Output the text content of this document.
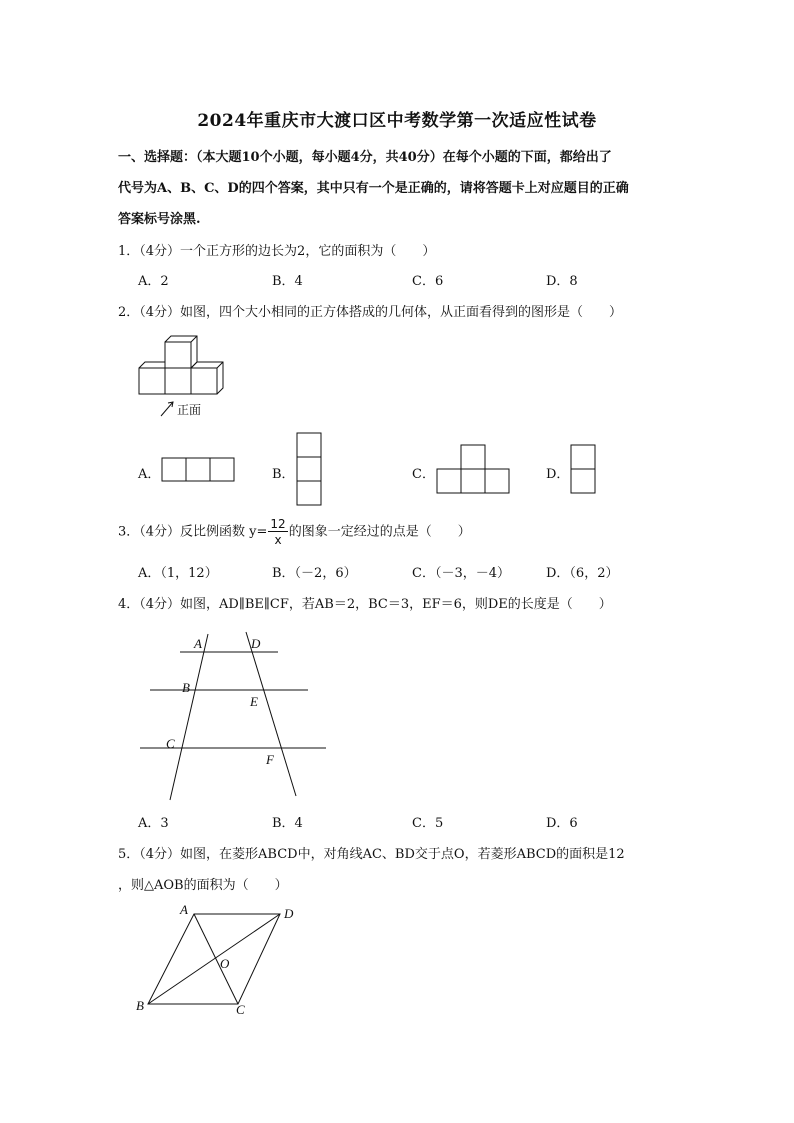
2024年重庆市大渡口区中考数学第一次适应性试卷
一、选择题：（本大题10个小题，每小题4分，共40分）在每个小题的下面，都给出了
代号为A、B、C、D的四个答案，其中只有一个是正确的，请将答题卡上对应题目的正确
答案标号涂黑.
1．（4分）一个正方形的边长为2，它的面积为（　　）
A．2	B．4	C．6	D．8
2．（4分）如图，四个大小相同的正方体搭成的几何体，从正面看得到的图形是（　　）
正面
A．	B．	C．	D．
3．（4分）反比例函数 $y= \frac{12}{x}$ 的图象一定经过的点是（　　）
A．（1，12）	B．（－2，6）	C．（－3，－4）	D．（6，2）
4．（4分）如图，AD∥BE∥CF，若AB＝2，BC＝3，EF＝6，则DE的长度是（　　）
A	D
B
E
C
F
A．3	B．4	C．5	D．6
5．（4分）如图，在菱形ABCD中，对角线AC、BD交于点O，若菱形ABCD的面积是12
，则△AOB的面积为（　　）
A	D
O
B	C
